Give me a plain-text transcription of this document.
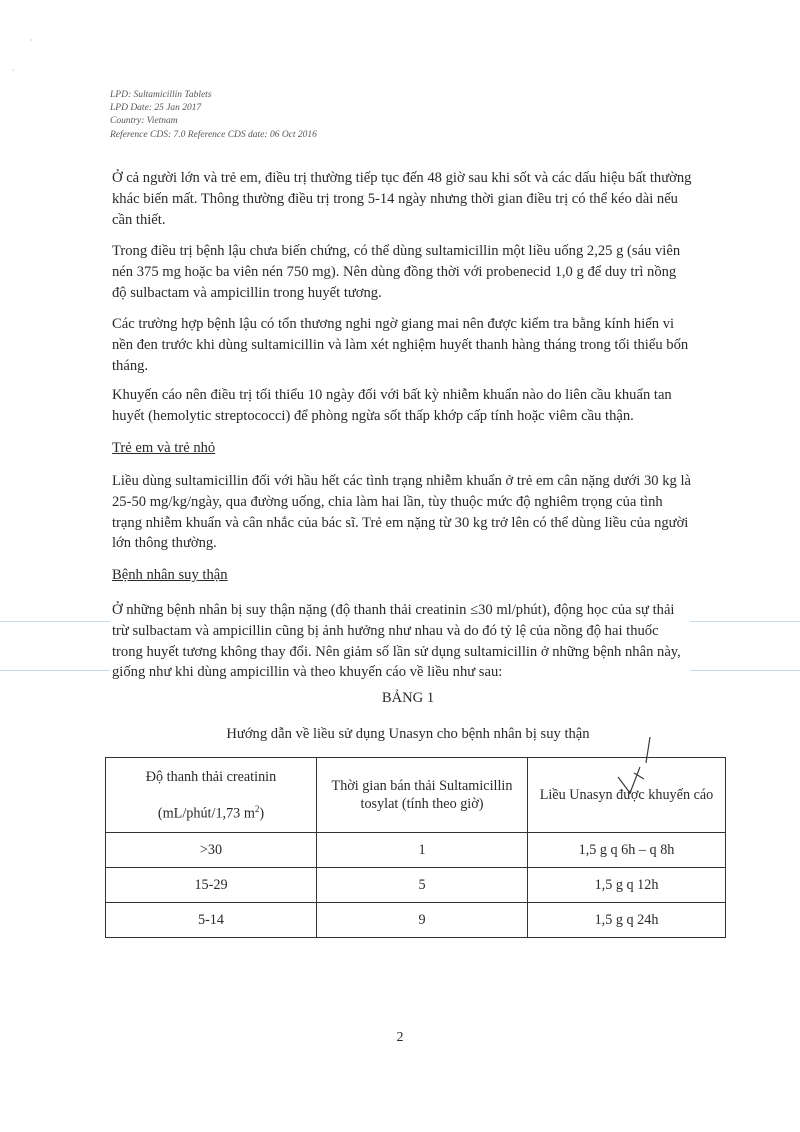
·
·
LPD: Sultamicillin Tablets
LPD Date: 25 Jan 2017
Country: Vietnam
Reference CDS: 7.0 Reference CDS date: 06 Oct 2016

Ở cả người lớn và trẻ em, điều trị thường tiếp tục đến 48 giờ sau khi sốt và các dấu hiệu bất thường khác biến mất. Thông thường điều trị trong 5-14 ngày nhưng thời gian điều trị có thể kéo dài nếu cần thiết.

Trong điều trị bệnh lậu chưa biến chứng, có thể dùng sultamicillin một liều uống 2,25 g (sáu viên nén 375 mg hoặc ba viên nén 750 mg). Nên dùng đồng thời với probenecid 1,0 g để duy trì nồng độ sulbactam và ampicillin trong huyết tương.

Các trường hợp bệnh lậu có tổn thương nghi ngờ giang mai nên được kiểm tra bằng kính hiển vi nền đen trước khi dùng sultamicillin và làm xét nghiệm huyết thanh hàng tháng trong tối thiểu bốn tháng.

Khuyến cáo nên điều trị tối thiểu 10 ngày đối với bất kỳ nhiễm khuẩn nào do liên cầu khuẩn tan huyết (hemolytic streptococci) để phòng ngừa sốt thấp khớp cấp tính hoặc viêm cầu thận.

Trẻ em và trẻ nhỏ

Liều dùng sultamicillin đối với hầu hết các tình trạng nhiễm khuẩn ở trẻ em cân nặng dưới 30 kg là 25-50 mg/kg/ngày, qua đường uống, chia làm hai lần, tùy thuộc mức độ nghiêm trọng của tình trạng nhiễm khuẩn và cân nhắc của bác sĩ. Trẻ em nặng từ 30 kg trở lên có thể dùng liều của người lớn thông thường.

Bệnh nhân suy thận

Ở những bệnh nhân bị suy thận nặng (độ thanh thải creatinin ≤30 ml/phút), động học của sự thải trừ sulbactam và ampicillin cũng bị ảnh hưởng như nhau và do đó tỷ lệ của nồng độ hai thuốc trong huyết tương không thay đổi. Nên giảm số lần sử dụng sultamicillin ở những bệnh nhân này, giống như khi dùng ampicillin và theo khuyến cáo về liều như sau:

BẢNG 1
Hướng dẫn về liều sử dụng Unasyn cho bệnh nhân bị suy thận
Độ thanh thải creatinin
(mL/phút/1,73 $m^2$)	Thời gian bán thải Sultamicillin tosylat (tính theo giờ)	Liều Unasyn được khuyến cáo
>30	1	1,5 g q 6h – q 8h
15-29	5	1,5 g q 12h
5-14	9	1,5 g q 24h
2
